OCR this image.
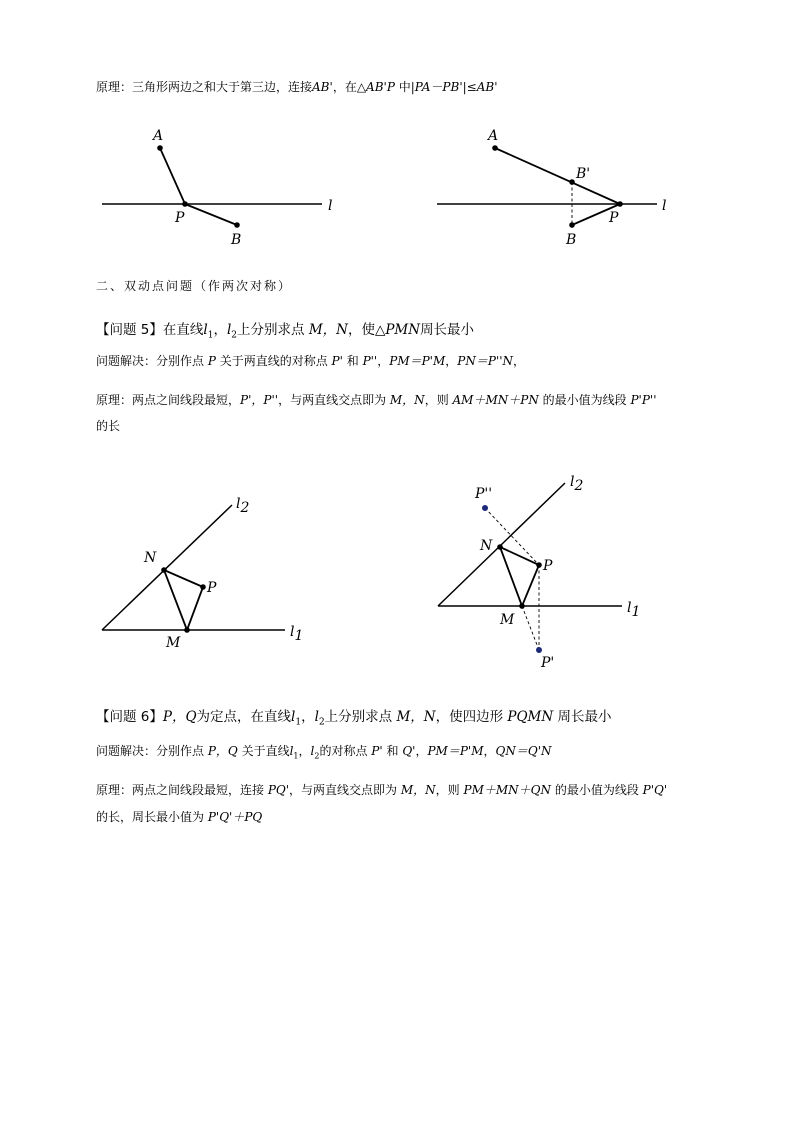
原理：三角形两边之和大于第三边，连接AB'，在△AB'P 中|PA－PB'|≤AB'
A
P
B
l
A
B'
P
B
l
二、双动点问题（作两次对称）
【问题 5】在直线$l_1$，$l_2$上分别求点 M，N，使△PMN周长最小
问题解决：分别作点 P 关于两直线的对称点 P' 和 P''，PM＝P'M，PN＝P''N，
原理：两点之间线段最短，P'，P''，与两直线交点即为 M，N，则 AM＋MN＋PN 的最小值为线段 P'P''
的长
l2
N
P
M
l1
P''
l2
N
P
M
l1
P'
【问题 6】P，Q为定点，在直线$l_1$，$l_2$上分别求点 M，N，使四边形 PQMN 周长最小
问题解决：分别作点 P，Q 关于直线$l_1$，$l_2$的对称点 P' 和 Q'，PM＝P'M，QN＝Q'N
原理：两点之间线段最短，连接 PQ'，与两直线交点即为 M，N，则 PM＋MN＋QN 的最小值为线段 P'Q'
的长，周长最小值为 P'Q'＋PQ
